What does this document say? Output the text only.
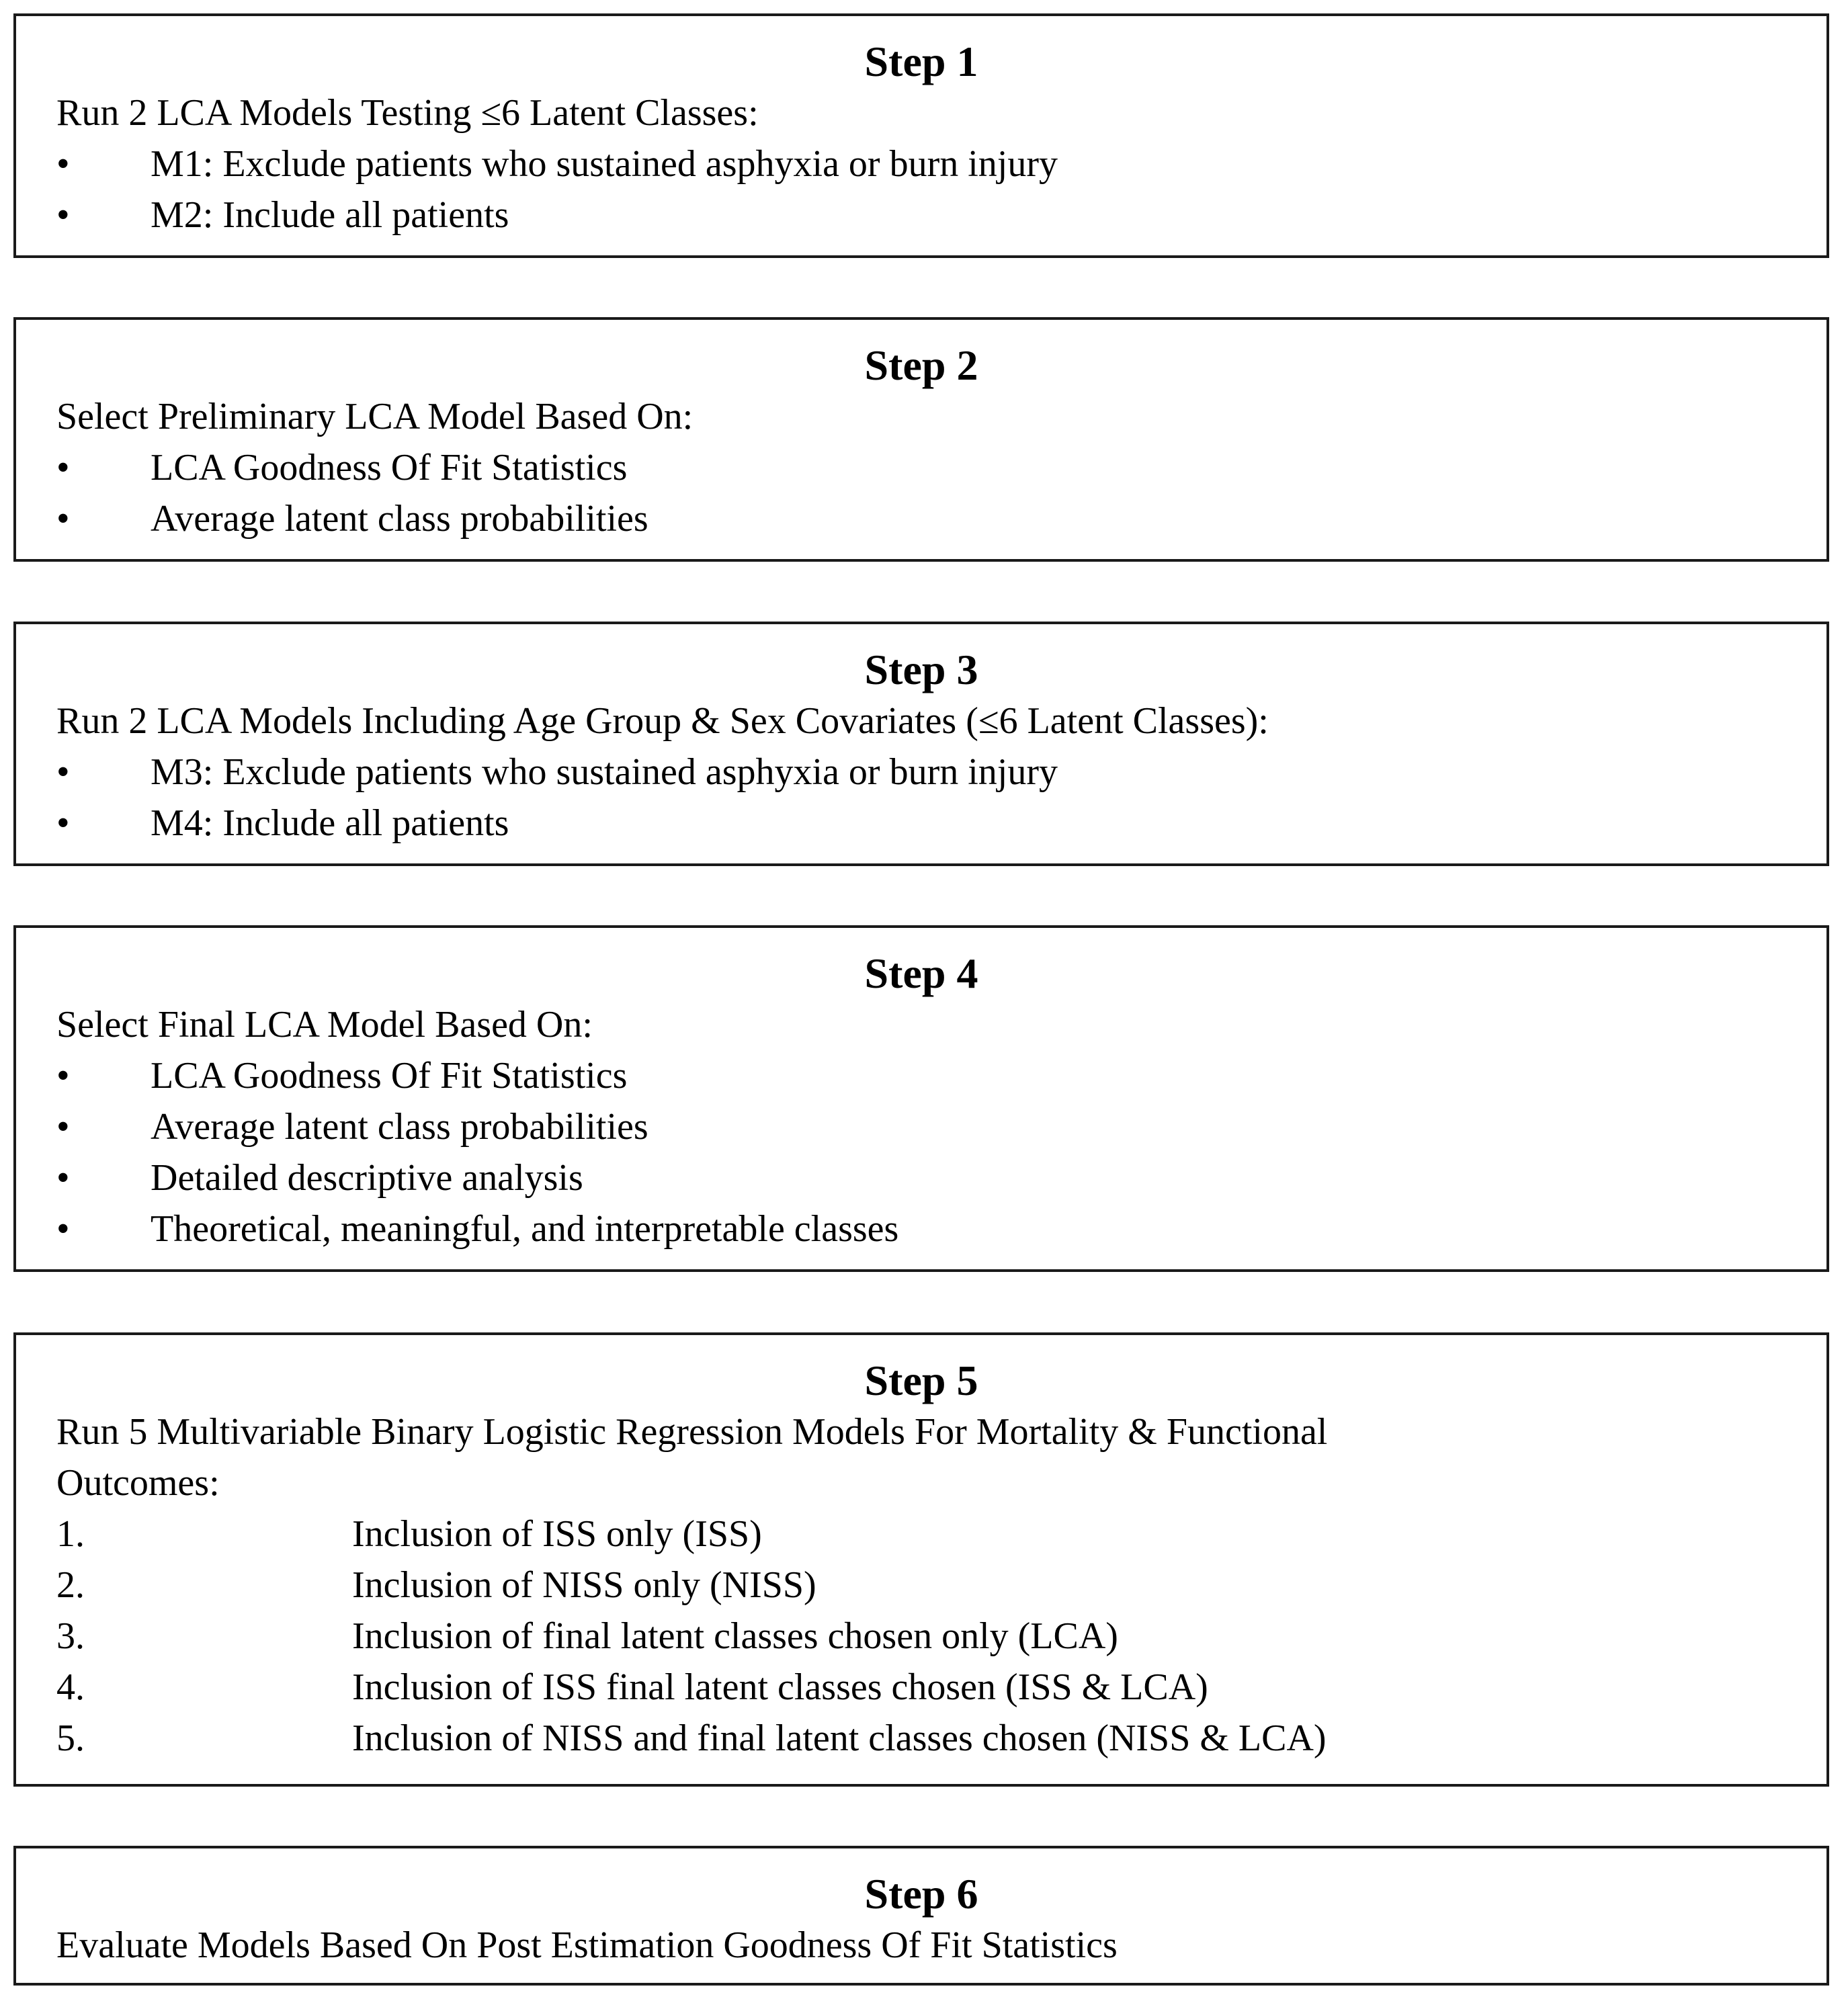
Step 1
Run 2 LCA Models Testing ≤6 Latent Classes:
• M1: Exclude patients who sustained asphyxia or burn injury
• M2: Include all patients
Step 2
Select Preliminary LCA Model Based On:
• LCA Goodness Of Fit Statistics
• Average latent class probabilities
Step 3
Run 2 LCA Models Including Age Group & Sex Covariates (≤6 Latent Classes):
• M3: Exclude patients who sustained asphyxia or burn injury
• M4: Include all patients
Step 4
Select Final LCA Model Based On:
• LCA Goodness Of Fit Statistics
• Average latent class probabilities
• Detailed descriptive analysis
• Theoretical, meaningful, and interpretable classes
Step 5
Run 5 Multivariable Binary Logistic Regression Models For Mortality & Functional
Outcomes:
1.	Inclusion of ISS only (ISS)
2.	Inclusion of NISS only (NISS)
3.	Inclusion of final latent classes chosen only (LCA)
4.	Inclusion of ISS final latent classes chosen (ISS & LCA)
5.	Inclusion of NISS and final latent classes chosen (NISS & LCA)
Step 6
Evaluate Models Based On Post Estimation Goodness Of Fit Statistics
